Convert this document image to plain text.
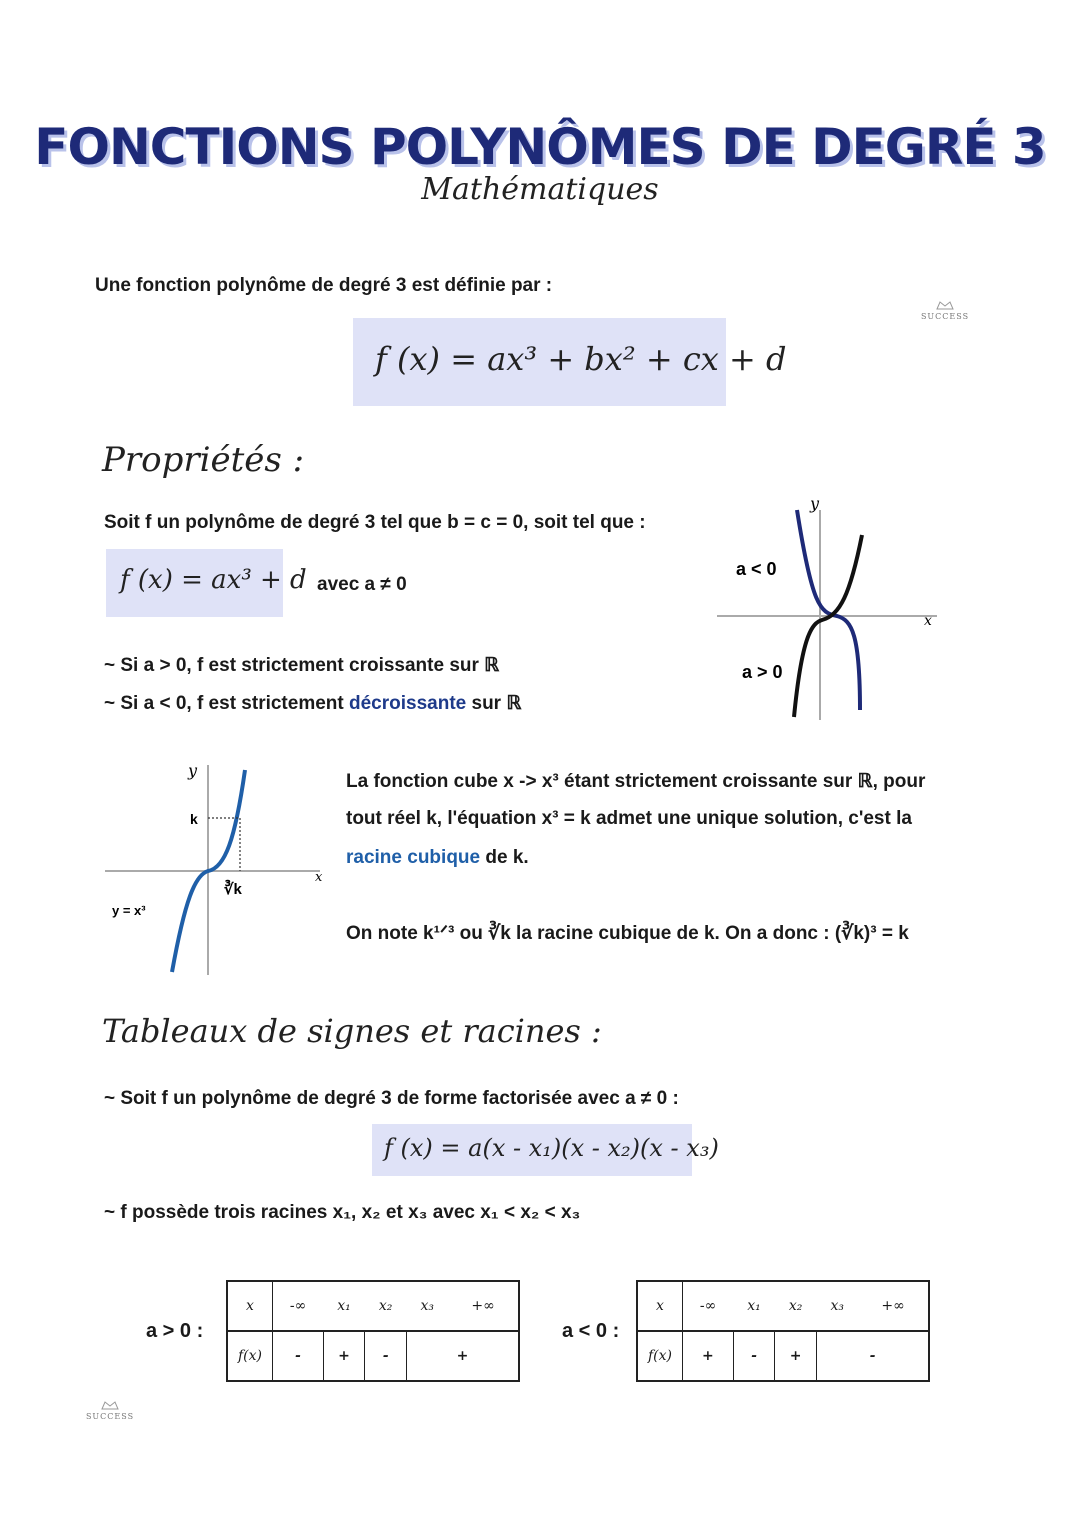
FONCTIONS POLYNÔMES DE DEGRÉ 3
Mathématiques

SUCCESS
Une fonction polynôme de degré 3 est définie par :
f (x) = ax³ + bx² + cx + d
Propriétés :
Soit f un polynôme de degré 3 tel que b = c = 0, soit tel que :
f (x) = ax³ + d avec a ≠ 0
~ Si a > 0, f est strictement croissante sur ℝ
~ Si a < 0, f est strictement décroissante sur ℝ
a < 0
a > 0
x
y
k
∛k
y = x³
y
x
La fonction cube x -> x³ étant strictement croissante sur ℝ, pour
tout réel k, l'équation x³ = k admet une unique solution, c'est la
racine cubique de k.
On note k¹ᐟ³ ou ∛k la racine cubique de k. On a donc : (∛k)³ = k
Tableaux de signes et racines :
~ Soit f un polynôme de degré 3 de forme factorisée avec a ≠ 0 :
f (x) = a(x - x₁)(x - x₂)(x - x₃)
~ f possède trois racines x₁, x₂ et x₃ avec x₁ < x₂ < x₃
a > 0 :
x	-∞	x₁	x₂	x₃	+∞
f(x)	-	+	-	+	
a < 0 :
x	-∞	x₁	x₂	x₃	+∞
f(x)	+	-	+	-	

SUCCESS
